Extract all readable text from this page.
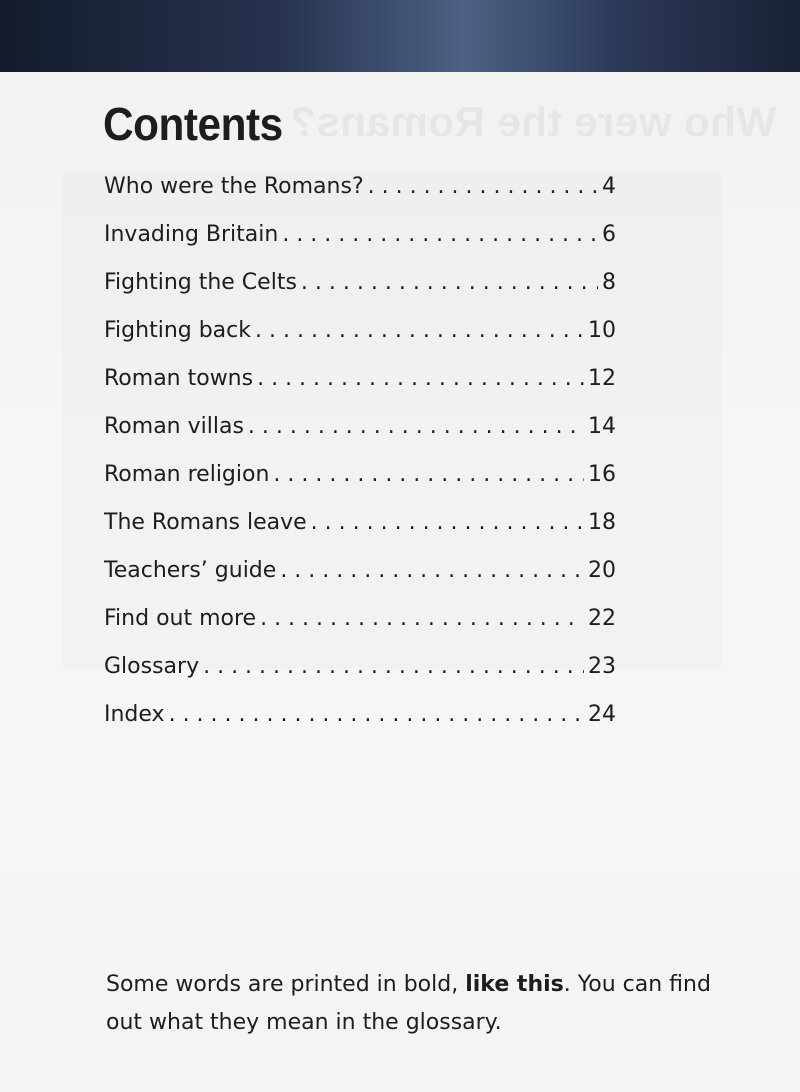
Who were the Romans?
Contents
Who were the Romans? . . .	4
Invading Britain . . .	6
Fighting the Celts . . .	8
Fighting back . . .	10
Roman towns . . .	12
Roman villas . . .	14
Roman religion . . .	16
The Romans leave . . .	18
Teachers’ guide . . .	20
Find out more . . .	22
Glossary . . .	23
Index . . .	24

Some words are printed in bold, like this. You can find out what they mean in the glossary.
